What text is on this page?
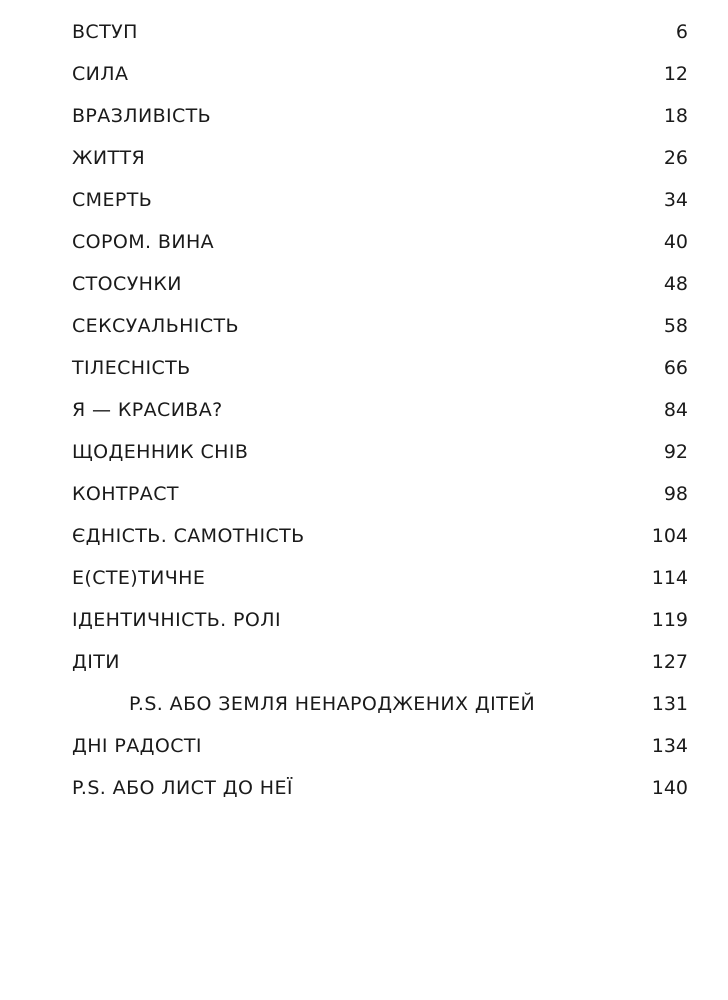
ВСТУП	6
СИЛА	12
ВРАЗЛИВІСТЬ	18
ЖИТТЯ	26
СМЕРТЬ	34
СОРОМ. ВИНА	40
СТОСУНКИ	48
СЕКСУАЛЬНІСТЬ	58
ТІЛЕСНІСТЬ	66
Я — КРАСИВА?	84
ЩОДЕННИК СНІВ	92
КОНТРАСТ	98
ЄДНІСТЬ. САМОТНІСТЬ	104
Е(СТЕ)ТИЧНЕ	114
ІДЕНТИЧНІСТЬ. РОЛІ	119
ДІТИ	127
P.S. АБО ЗЕМЛЯ НЕНАРОДЖЕНИХ ДІТЕЙ	131
ДНІ РАДОСТІ	134
P.S. АБО ЛИСТ ДО НЕЇ	140
